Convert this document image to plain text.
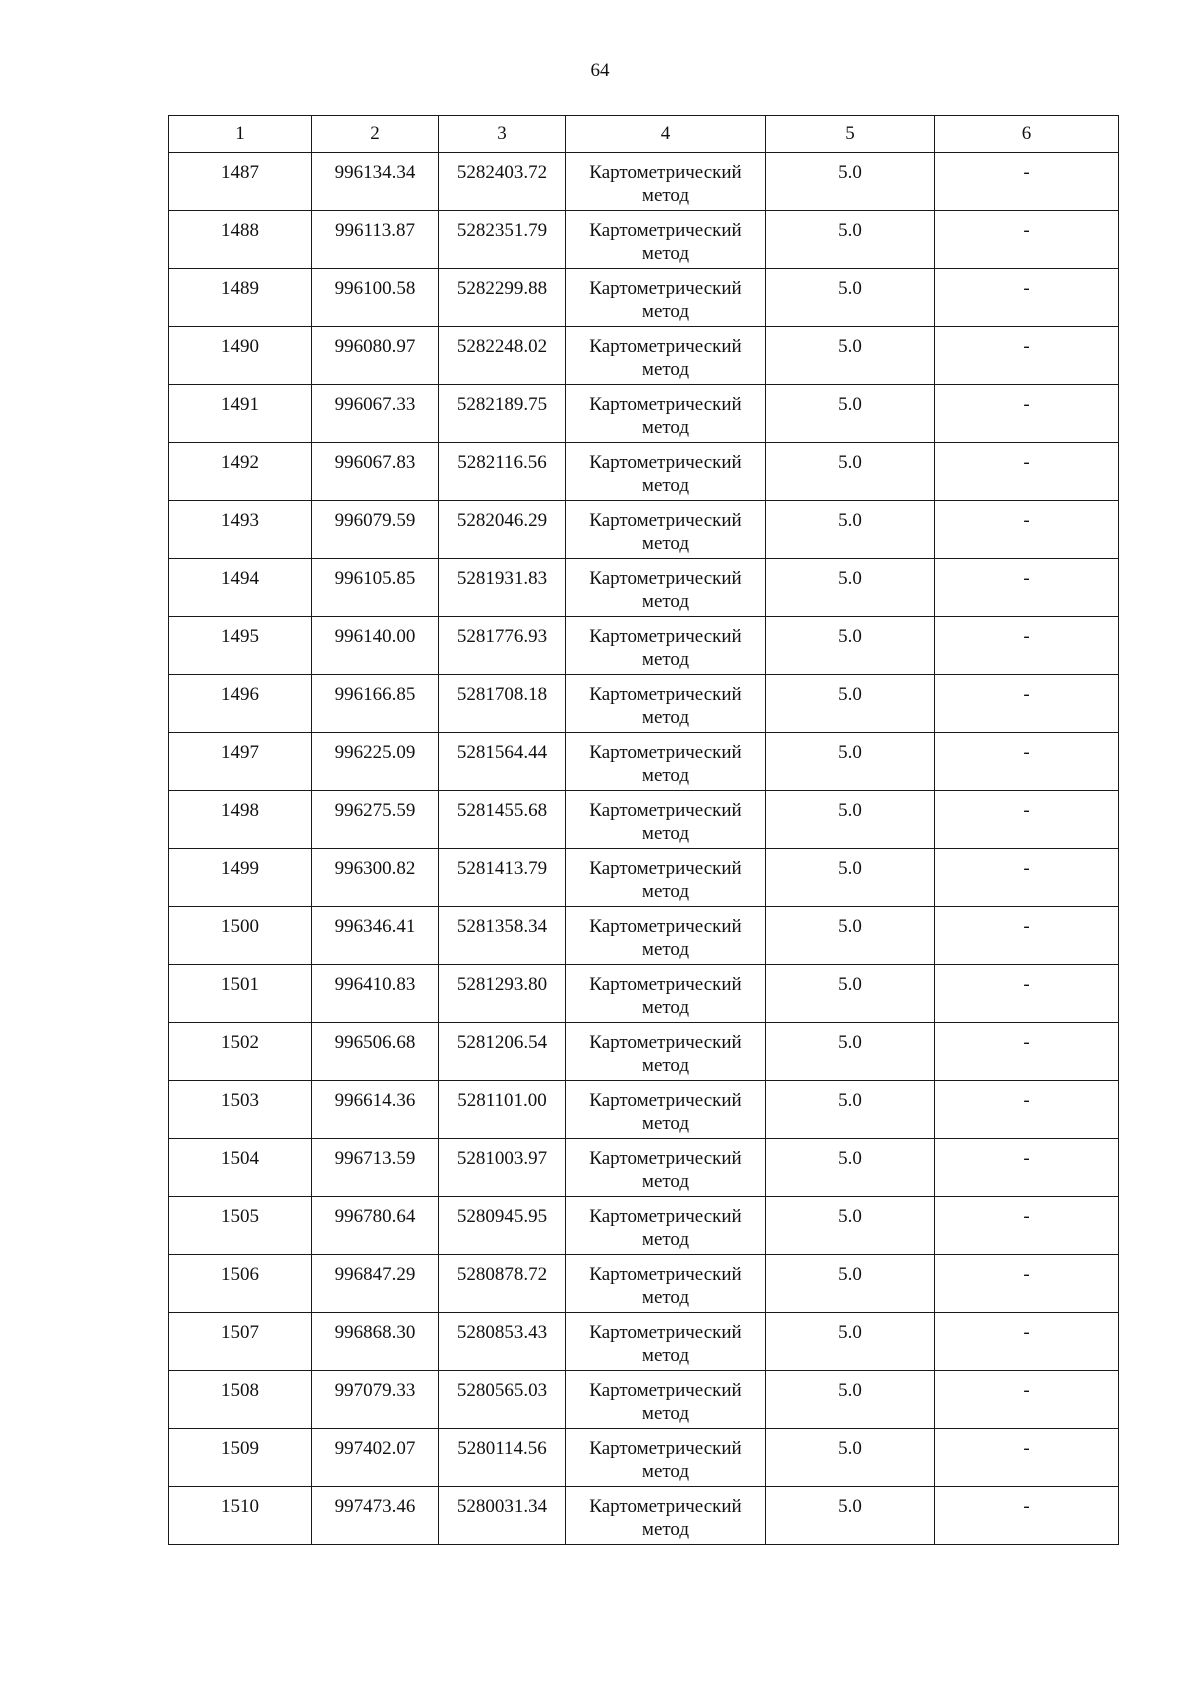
64
1	2	3	4	5	6
1487	996134.34	5282403.72	Картометрический метод	5.0	-
1488	996113.87	5282351.79	Картометрический метод	5.0	-
1489	996100.58	5282299.88	Картометрический метод	5.0	-
1490	996080.97	5282248.02	Картометрический метод	5.0	-
1491	996067.33	5282189.75	Картометрический метод	5.0	-
1492	996067.83	5282116.56	Картометрический метод	5.0	-
1493	996079.59	5282046.29	Картометрический метод	5.0	-
1494	996105.85	5281931.83	Картометрический метод	5.0	-
1495	996140.00	5281776.93	Картометрический метод	5.0	-
1496	996166.85	5281708.18	Картометрический метод	5.0	-
1497	996225.09	5281564.44	Картометрический метод	5.0	-
1498	996275.59	5281455.68	Картометрический метод	5.0	-
1499	996300.82	5281413.79	Картометрический метод	5.0	-
1500	996346.41	5281358.34	Картометрический метод	5.0	-
1501	996410.83	5281293.80	Картометрический метод	5.0	-
1502	996506.68	5281206.54	Картометрический метод	5.0	-
1503	996614.36	5281101.00	Картометрический метод	5.0	-
1504	996713.59	5281003.97	Картометрический метод	5.0	-
1505	996780.64	5280945.95	Картометрический метод	5.0	-
1506	996847.29	5280878.72	Картометрический метод	5.0	-
1507	996868.30	5280853.43	Картометрический метод	5.0	-
1508	997079.33	5280565.03	Картометрический метод	5.0	-
1509	997402.07	5280114.56	Картометрический метод	5.0	-
1510	997473.46	5280031.34	Картометрический метод	5.0	-
